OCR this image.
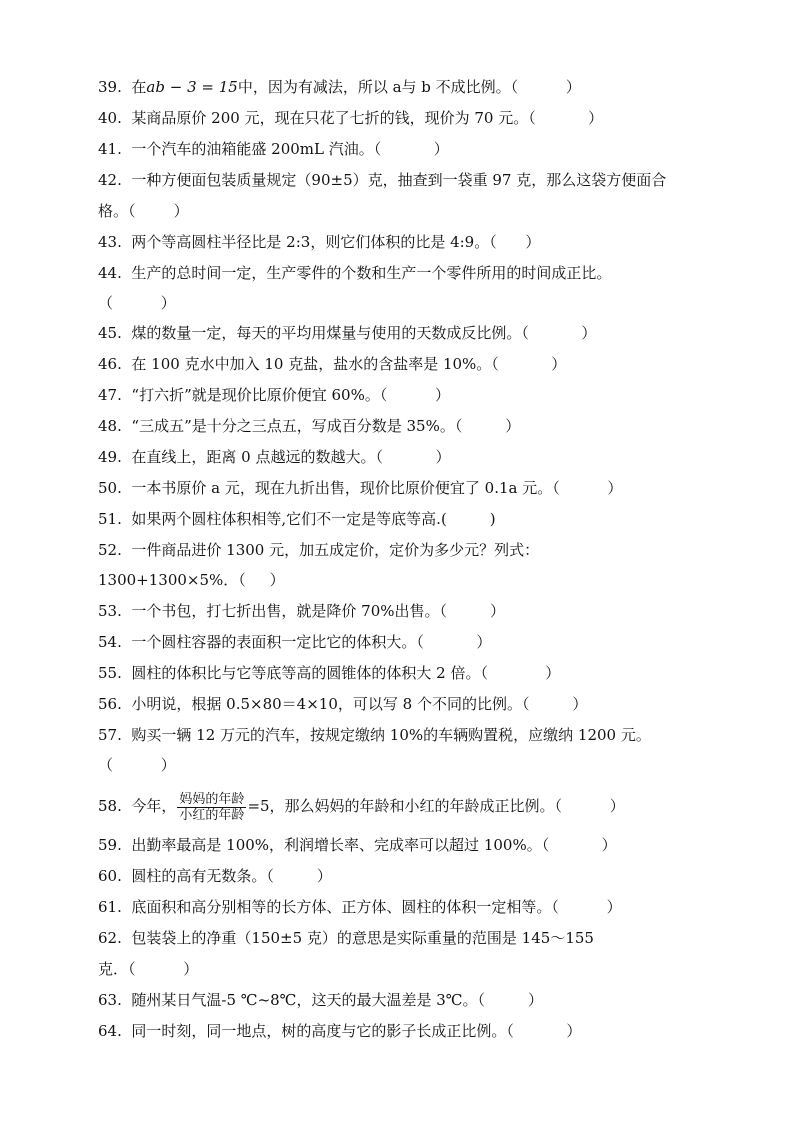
39. 在ab − 3 = 15中，因为有减法，所以 a与 b 不成比例。（	）
40. 某商品原价 200 元，现在只花了七折的钱，现价为 70 元。（	）
41. 一个汽车的油箱能盛 200mL 汽油。（	）
42. 一种方便面包装质量规定（90±5）克，抽查到一袋重 97 克，那么这袋方便面合
格。（	）
43. 两个等高圆柱半径比是 2:3，则它们体积的比是 4:9。（ ）
44. 生产的总时间一定，生产零件的个数和生产一个零件所用的时间成正比。
（	）
45. 煤的数量一定，每天的平均用煤量与使用的天数成反比例。（	）
46. 在 100 克水中加入 10 克盐，盐水的含盐率是 10%。（	）
47. “打六折”就是现价比原价便宜 60%。（	）
48. “三成五”是十分之三点五，写成百分数是 35%。（	）
49. 在直线上，距离 0 点越远的数越大。（	）
50. 一本书原价 a 元，现在九折出售，现价比原价便宜了 0.1a 元。（	）
51. 如果两个圆柱体积相等,它们不一定是等底等高.(	)
52. 一件商品进价 1300 元，加五成定价，定价为多少元？列式：
1300+1300×5%．（ ）
53. 一个书包，打七折出售，就是降价 70%出售。（	）
54. 一个圆柱容器的表面积一定比它的体积大。（	）
55. 圆柱的体积比与它等底等高的圆锥体的体积大 2 倍。（	）
56. 小明说，根据 0.5×80＝4×10，可以写 8 个不同的比例。（	）
57. 购买一辆 12 万元的汽车，按规定缴纳 10%的车辆购置税，应缴纳 1200 元。
（	）
58. 今年， $\frac{\text{妈妈的年龄}}{\text{小红的年龄}} =5$，那么妈妈的年龄和小红的年龄成正比例。（	）
59. 出勤率最高是 100%，利润增长率、完成率可以超过 100%。（	）
60. 圆柱的高有无数条。（	）
61. 底面积和高分别相等的长方体、正方体、圆柱的体积一定相等。（	）
62. 包装袋上的净重（150±5 克）的意思是实际重量的范围是 145～155
克．（	）
63. 随州某日气温-5 ℃~8℃，这天的最大温差是 3℃。（	）
64. 同一时刻，同一地点，树的高度与它的影子长成正比例。（	）
